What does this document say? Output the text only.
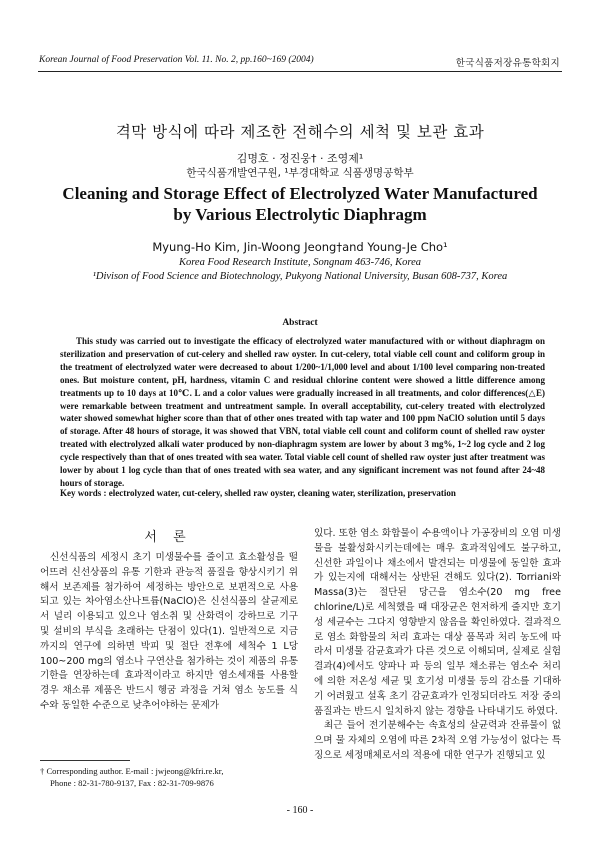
Korean Journal of Food Preservation Vol. 11. No. 2, pp.160~169 (2004)	한국식품저장유통학회지
격막 방식에 따라 제조한 전해수의 세척 및 보관 효과
김명호 · 정진웅† · 조영제¹
한국식품개발연구원, ¹부경대학교 식품생명공학부
Cleaning and Storage Effect of Electrolyzed Water Manufactured
by Various Electrolytic Diaphragm
Myung-Ho Kim, Jin-Woong Jeong†and Young-Je Cho¹
Korea Food Research Institute, Songnam 463-746, Korea
¹Divison of Food Science and Biotechnology, Pukyong National University, Busan 608-737, Korea
Abstract
This study was carried out to investigate the efficacy of electrolyzed water manufactured with or without diaphragm on sterilization and preservation of cut-celery and shelled raw oyster. In cut-celery, total viable cell count and coliform group in the treatment of electrolyzed water were decreased to about 1/200~1/1,000 level and about 1/100 level comparing non-treated ones. But moisture content, pH, hardness, vitamin C and residual chlorine content were showed a little difference among treatments up to 10 days at 10℃. L and a color values were gradually increased in all treatments, and color differences(△E) were remarkable between treatment and untreatment sample. In overall acceptability, cut-celery treated with electrolyzed water showed somewhat higher score than that of other ones treated with tap water and 100 ppm NaClO solution until 5 days of storage. After 48 hours of storage, it was showed that VBN, total viable cell count and coliform count of shelled raw oyster treated with electrolyzed alkali water produced by non-diaphragm system are lower by about 3 mg%, 1~2 log cycle and 2 log cycle respectively than that of ones treated with sea water. Total viable cell count of shelled raw oyster just after treatment was lower by about 1 log cycle than that of ones treated with sea water, and any significant increment was not found after 24~48 hours of storage.
Key words : electrolyzed water, cut-celery, shelled raw oyster, cleaning water, sterilization, preservation
서 론
신선식품의 세정시 초기 미생물수를 줄이고 효소활성을 떨어뜨려 신선상품의 유통 기한과 관능적 품질을 향상시키기 위해서 보존제를 첨가하여 세정하는 방안으로 보편적으로 사용되고 있는 차아염소산나트륨(NaClO)은 신선식품의 살균제로서 널리 이용되고 있으나 염소취 및 산화력이 강하므로 기구 및 설비의 부식을 초래하는 단점이 있다(1). 일반적으로 지금까지의 연구에 의하면 박피 및 절단 전후에 세척수 1 L당 100~200 mg의 염소나 구연산을 첨가하는 것이 제품의 유통기한을 연장하는데 효과적이라고 하지만 염소세재를 사용할 경우 채소류 제품은 반드시 헹굼 과정을 거쳐 염소 농도를 식수와 동일한 수준으로 낮추어야하는 문제가

있다. 또한 염소 화합물이 수용액이나 가공장비의 오염 미생물을 불활성화시키는데에는 매우 효과적임에도 불구하고, 신선한 과일이나 채소에서 발견되는 미생물에 동일한 효과가 있는지에 대해서는 상반된 견해도 있다(2). Torriani와 Massa(3)는 절단된 당근을 염소수(20 mg free chlorine/L)로 세척했을 때 대장균은 현저하게 줄지만 호기성 세균수는 그다지 영향받지 않음을 확인하였다. 결과적으로 염소 화합물의 처리 효과는 대상 품목과 처리 농도에 따라서 미생물 감균효과가 다른 것으로 이해되며, 실제로 실험결과(4)에서도 양파나 파 등의 일부 채소류는 염소수 처리에 의한 저온성 세균 및 호기성 미생물 등의 감소를 기대하기 어려웠고 설혹 초기 감균효과가 인정되더라도 저장 중의 품질과는 반드시 일치하지 않는 경향을 나타내기도 하였다.

최근 들어 전기분해수는 속효성의 살균력과 잔류물이 없으며 물 자체의 오염에 따른 2차적 오염 가능성이 없다는 특징으로 세정매체로서의 적용에 대한 연구가 진행되고 있

† Corresponding author. E-mail : jwjeong@kfri.re.kr,
Phone : 82-31-780-9137, Fax : 82-31-709-9876
- 160 -
